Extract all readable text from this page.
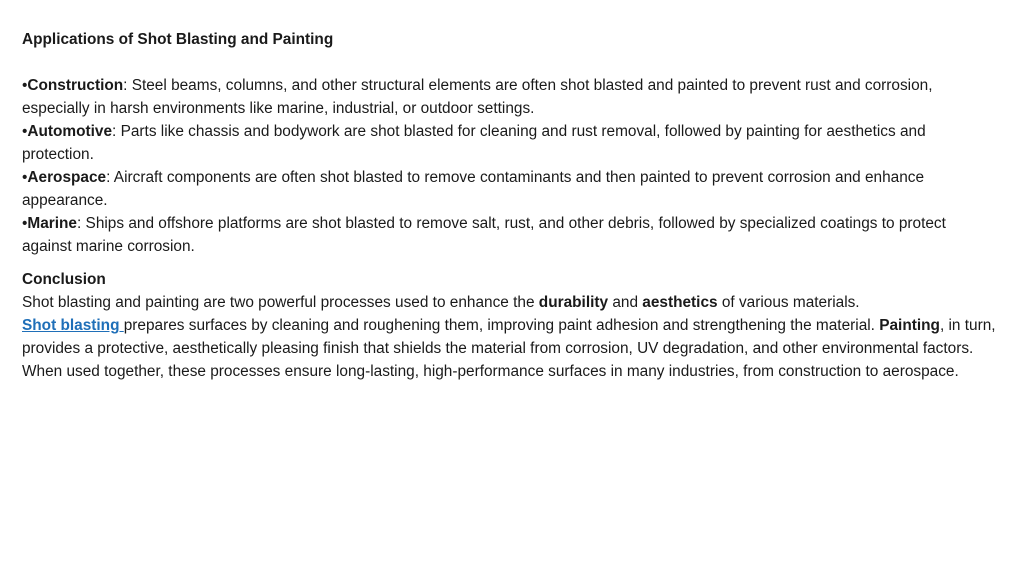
Applications of Shot Blasting and Painting

•Construction: Steel beams, columns, and other structural elements are often shot blasted and painted to prevent rust and corrosion, especially in harsh environments like marine, industrial, or outdoor settings.

•Automotive: Parts like chassis and bodywork are shot blasted for cleaning and rust removal, followed by painting for aesthetics and protection.

•Aerospace: Aircraft components are often shot blasted to remove contaminants and then painted to prevent corrosion and enhance appearance.

•Marine: Ships and offshore platforms are shot blasted to remove salt, rust, and other debris, followed by specialized coatings to protect against marine corrosion.

Conclusion

Shot blasting and painting are two powerful processes used to enhance the durability and aesthetics of various materials.
Shot blasting prepares surfaces by cleaning and roughening them, improving paint adhesion and strengthening the material. Painting, in turn, provides a protective, aesthetically pleasing finish that shields the material from corrosion, UV degradation, and other environmental factors. When used together, these processes ensure long-lasting, high-performance surfaces in many industries, from construction to aerospace.
